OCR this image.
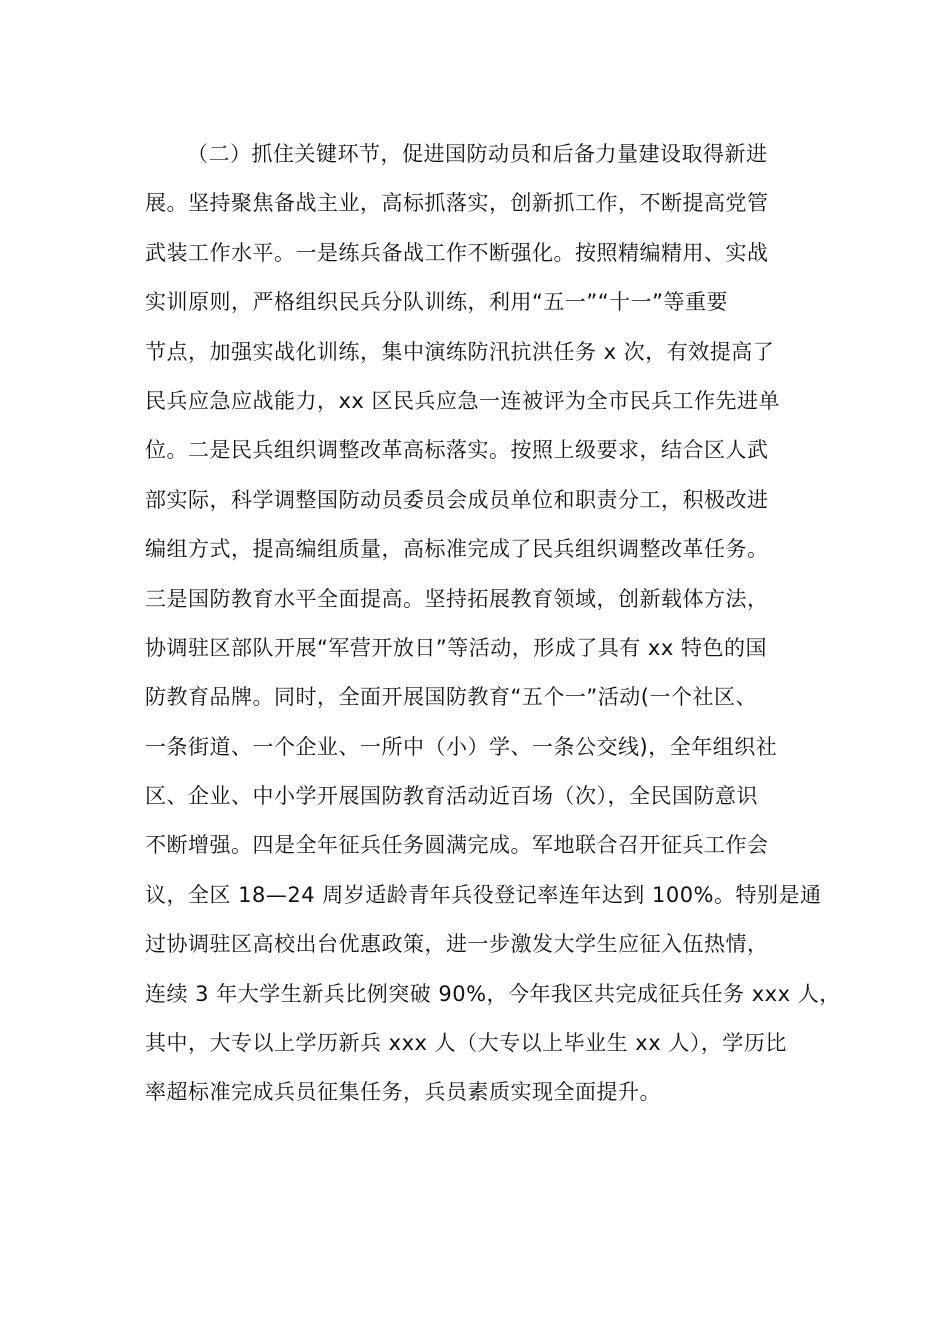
（二）抓住关键环节，促进国防动员和后备力量建设取得新进
展。坚持聚焦备战主业，高标抓落实，创新抓工作，不断提高党管
武装工作水平。一是练兵备战工作不断强化。按照精编精用、实战
实训原则，严格组织民兵分队训练，利用“五一”“十一”等重要
节点，加强实战化训练，集中演练防汛抗洪任务 x 次，有效提高了
民兵应急应战能力，xx 区民兵应急一连被评为全市民兵工作先进单
位。二是民兵组织调整改革高标落实。按照上级要求，结合区人武
部实际，科学调整国防动员委员会成员单位和职责分工，积极改进
编组方式，提高编组质量，高标准完成了民兵组织调整改革任务。
三是国防教育水平全面提高。坚持拓展教育领域，创新载体方法，
协调驻区部队开展“军营开放日”等活动，形成了具有 xx 特色的国
防教育品牌。同时，全面开展国防教育“五个一”活动(一个社区、
一条街道、一个企业、一所中（小）学、一条公交线)，全年组织社
区、企业、中小学开展国防教育活动近百场（次），全民国防意识
不断增强。四是全年征兵任务圆满完成。军地联合召开征兵工作会
议，全区 18—24 周岁适龄青年兵役登记率连年达到 100%。特别是通
过协调驻区高校出台优惠政策，进一步激发大学生应征入伍热情，
连续 3 年大学生新兵比例突破 90%，今年我区共完成征兵任务 xxx 人，
其中，大专以上学历新兵 xxx 人（大专以上毕业生 xx 人），学历比
率超标准完成兵员征集任务，兵员素质实现全面提升。
